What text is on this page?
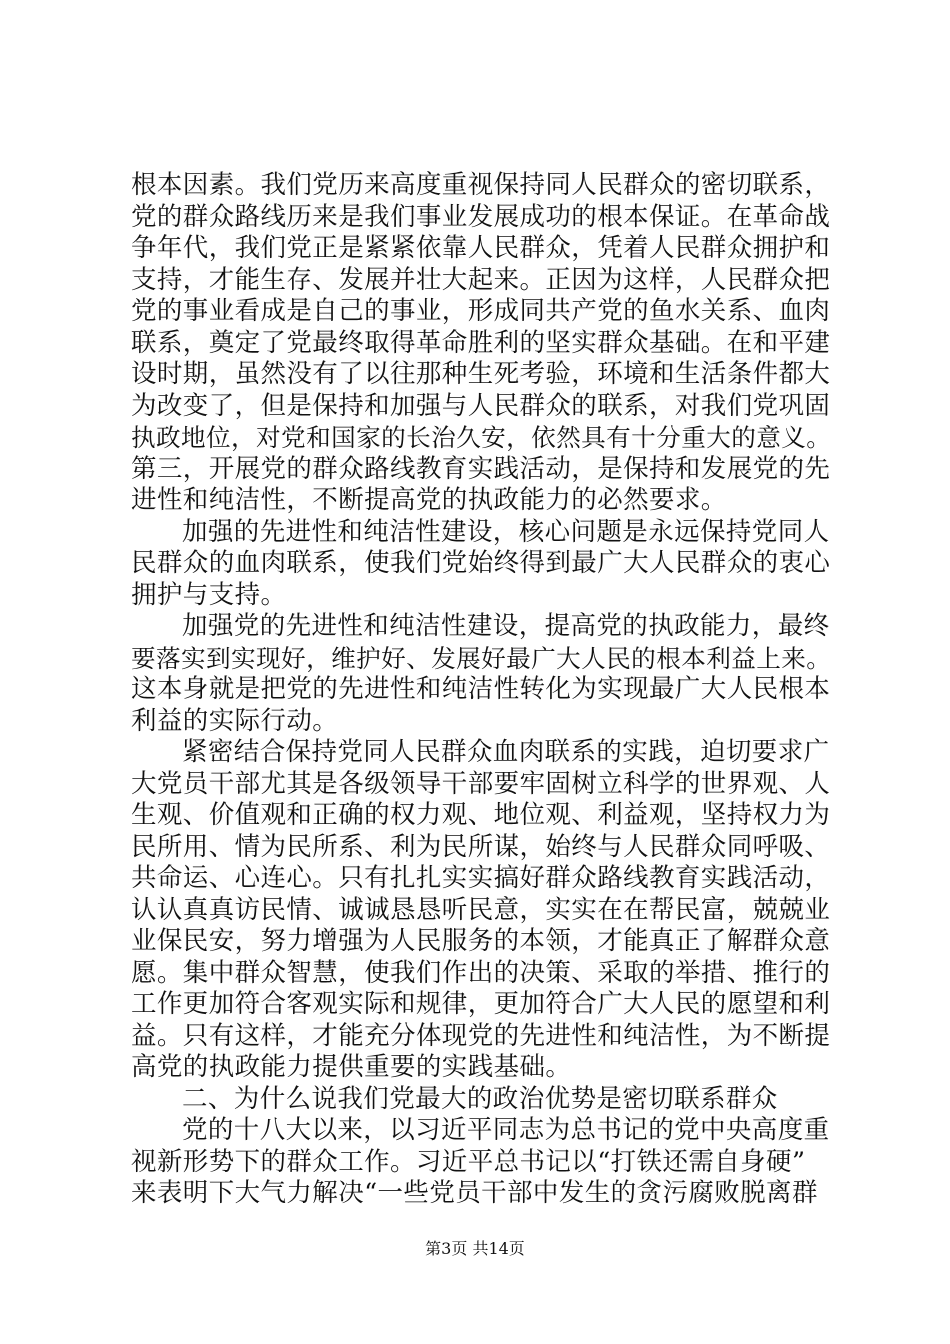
根本因素。我们党历来高度重视保持同人民群众的密切联系，
党的群众路线历来是我们事业发展成功的根本保证。在革命战
争年代，我们党正是紧紧依靠人民群众，凭着人民群众拥护和
支持，才能生存、发展并壮大起来。正因为这样，人民群众把
党的事业看成是自己的事业，形成同共产党的鱼水关系、血肉
联系，奠定了党最终取得革命胜利的坚实群众基础。在和平建
设时期，虽然没有了以往那种生死考验，环境和生活条件都大
为改变了，但是保持和加强与人民群众的联系，对我们党巩固
执政地位，对党和国家的长治久安，依然具有十分重大的意义。
第三，开展党的群众路线教育实践活动，是保持和发展党的先
进性和纯洁性，不断提高党的执政能力的必然要求。
加强的先进性和纯洁性建设，核心问题是永远保持党同人
民群众的血肉联系，使我们党始终得到最广大人民群众的衷心
拥护与支持。
加强党的先进性和纯洁性建设，提高党的执政能力，最终
要落实到实现好，维护好、发展好最广大人民的根本利益上来。
这本身就是把党的先进性和纯洁性转化为实现最广大人民根本
利益的实际行动。
紧密结合保持党同人民群众血肉联系的实践，迫切要求广
大党员干部尤其是各级领导干部要牢固树立科学的世界观、人
生观、价值观和正确的权力观、地位观、利益观，坚持权力为
民所用、情为民所系、利为民所谋，始终与人民群众同呼吸、
共命运、心连心。只有扎扎实实搞好群众路线教育实践活动，
认认真真访民情、诚诚恳恳听民意，实实在在帮民富，兢兢业
业保民安，努力增强为人民服务的本领，才能真正了解群众意
愿。集中群众智慧，使我们作出的决策、采取的举措、推行的
工作更加符合客观实际和规律，更加符合广大人民的愿望和利
益。只有这样，才能充分体现党的先进性和纯洁性，为不断提
高党的执政能力提供重要的实践基础。
二、为什么说我们党最大的政治优势是密切联系群众
党的十八大以来，以习近平同志为总书记的党中央高度重
视新形势下的群众工作。习近平总书记以“打铁还需自身硬”
来表明下大气力解决“一些党员干部中发生的贪污腐败脱离群
第3页 共14页
